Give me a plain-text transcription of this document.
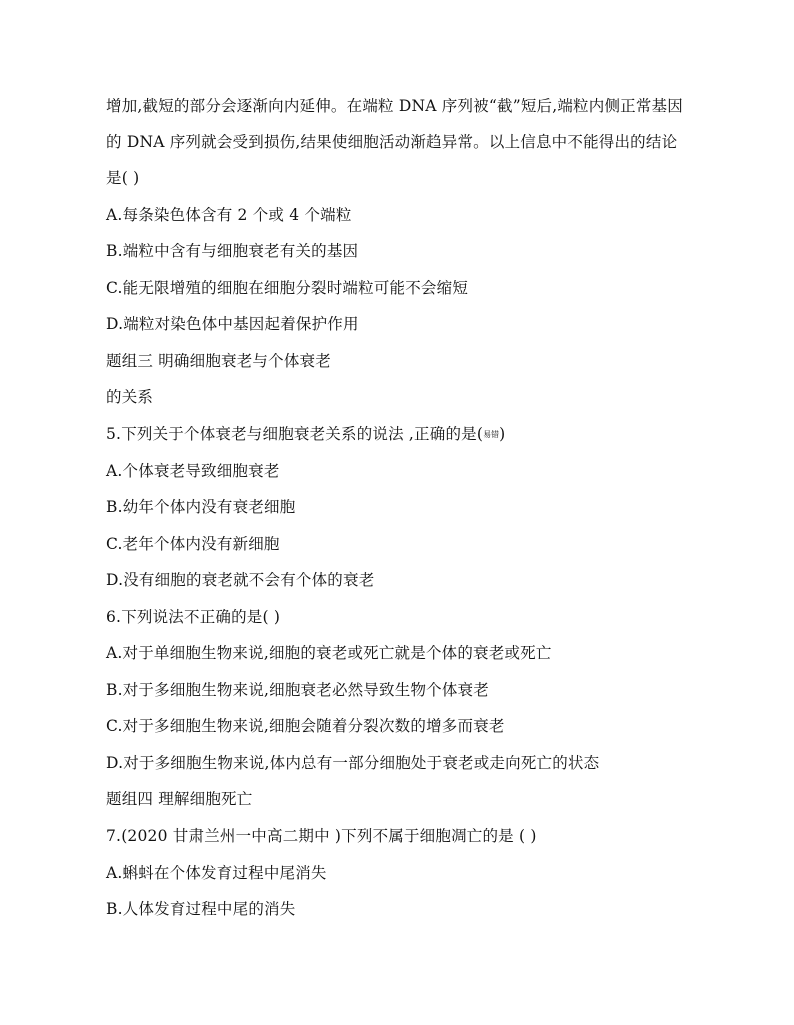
增加,截短的部分会逐渐向内延伸。在端粒 DNA 序列被“截”短后,端粒内侧正常基因
的 DNA 序列就会受到损伤,结果使细胞活动渐趋异常。以上信息中不能得出的结论
是( )
A.每条染色体含有 2 个或 4 个端粒
B.端粒中含有与细胞衰老有关的基因
C.能无限增殖的细胞在细胞分裂时端粒可能不会缩短
D.端粒对染色体中基因起着保护作用
题组三 明确细胞衰老与个体衰老
的关系
5.下列关于个体衰老与细胞衰老关系的说法 ,正确的是(易错)
A.个体衰老导致细胞衰老
B.幼年个体内没有衰老细胞
C.老年个体内没有新细胞
D.没有细胞的衰老就不会有个体的衰老
6.下列说法不正确的是( )
A.对于单细胞生物来说,细胞的衰老或死亡就是个体的衰老或死亡
B.对于多细胞生物来说,细胞衰老必然导致生物个体衰老
C.对于多细胞生物来说,细胞会随着分裂次数的增多而衰老
D.对于多细胞生物来说,体内总有一部分细胞处于衰老或走向死亡的状态
题组四 理解细胞死亡
7.(2020 甘肃兰州一中高二期中 )下列不属于细胞凋亡的是 ( )
A.蝌蚪在个体发育过程中尾消失
B.人体发育过程中尾的消失
